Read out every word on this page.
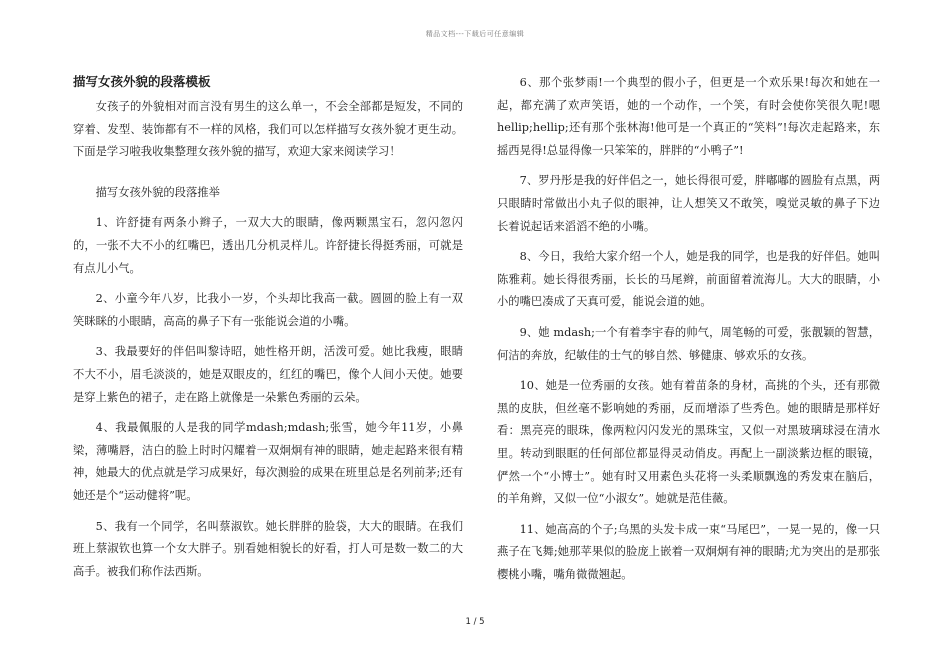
精品文档---下载后可任意编辑
描写女孩外貌的段落模板

女孩子的外貌相对而言没有男生的这么单一，不会全部都是短发，不同的穿着、发型、装饰都有不一样的风格，我们可以怎样描写女孩外貌才更生动。下面是学习啦我收集整理女孩外貌的描写，欢迎大家来阅读学习！

描写女孩外貌的段落推举

1、许舒捷有两条小辫子，一双大大的眼睛，像两颗黑宝石，忽闪忽闪的，一张不大不小的红嘴巴，透出几分机灵样儿。许舒捷长得挺秀丽，可就是有点儿小气。

2、小童今年八岁，比我小一岁，个头却比我高一截。圆圆的脸上有一双笑眯眯的小眼睛，高高的鼻子下有一张能说会道的小嘴。

3、我最要好的伴侣叫黎诗昭，她性格开朗，活泼可爱。她比我瘦，眼睛不大不小，眉毛淡淡的，她是双眼皮的，红红的嘴巴，像个人间小天使。她要是穿上紫色的裙子，走在路上就像是一朵紫色秀丽的云朵。

4、我最佩服的人是我的同学mdash;mdash;张雪，她今年11岁，小鼻梁，薄嘴唇，洁白的脸上时时闪耀着一双炯炯有神的眼睛，她走起路来很有精神，她最大的优点就是学习成果好，每次测验的成果在班里总是名列前茅;还有她还是个“运动健将”呢。

5、我有一个同学，名叫蔡淑钦。她长胖胖的脸袋，大大的眼睛。在我们班上蔡淑钦也算一个女大胖子。别看她相貌长的好看，打人可是数一数二的大高手。被我们称作法西斯。

6、那个张梦雨!一个典型的假小子，但更是一个欢乐果!每次和她在一起，都充满了欢声笑语，她的一个动作，一个笑，有时会使你笑很久呢!嗯 hellip;hellip;还有那个张林海!他可是一个真正的“笑料”!每次走起路来，东摇西晃得!总显得像一只笨笨的，胖胖的“小鸭子”!

7、罗丹彤是我的好伴侣之一，她长得很可爱，胖嘟嘟的圆脸有点黑，两只眼睛时常做出小丸子似的眼神，让人想笑又不敢笑，嗅觉灵敏的鼻子下边长着说起话来滔滔不绝的小嘴。

8、今日，我给大家介绍一个人，她是我的同学，也是我的好伴侣。她叫陈雅莉。她长得很秀丽，长长的马尾辫，前面留着流海儿。大大的眼睛，小小的嘴巴凑成了天真可爱，能说会道的她。

9、她 mdash;一个有着李宇春的帅气，周笔畅的可爱，张靓颖的智慧，何洁的奔放，纪敏佳的士气的够自然、够健康、够欢乐的女孩。

10、她是一位秀丽的女孩。她有着苗条的身材，高挑的个头，还有那微黑的皮肤，但丝毫不影响她的秀丽，反而增添了些秀色。她的眼睛是那样好看：黑亮亮的眼珠，像两粒闪闪发光的黑珠宝，又似一对黑玻璃球浸在清水里。转动到眼眶的任何部位都显得灵动俏皮。再配上一副淡紫边框的眼镜，俨然一个“小博士”。她有时又用素色头花将一头柔顺飘逸的秀发束在脑后，的羊角辫，又似一位“小淑女”。她就是范佳薇。

11、她高高的个子;乌黑的头发卡成一束“马尾巴”，一晃一晃的，像一只燕子在飞舞;她那苹果似的脸庞上嵌着一双炯炯有神的眼睛;尤为突出的是那张樱桃小嘴，嘴角微微翘起。

1 / 5
